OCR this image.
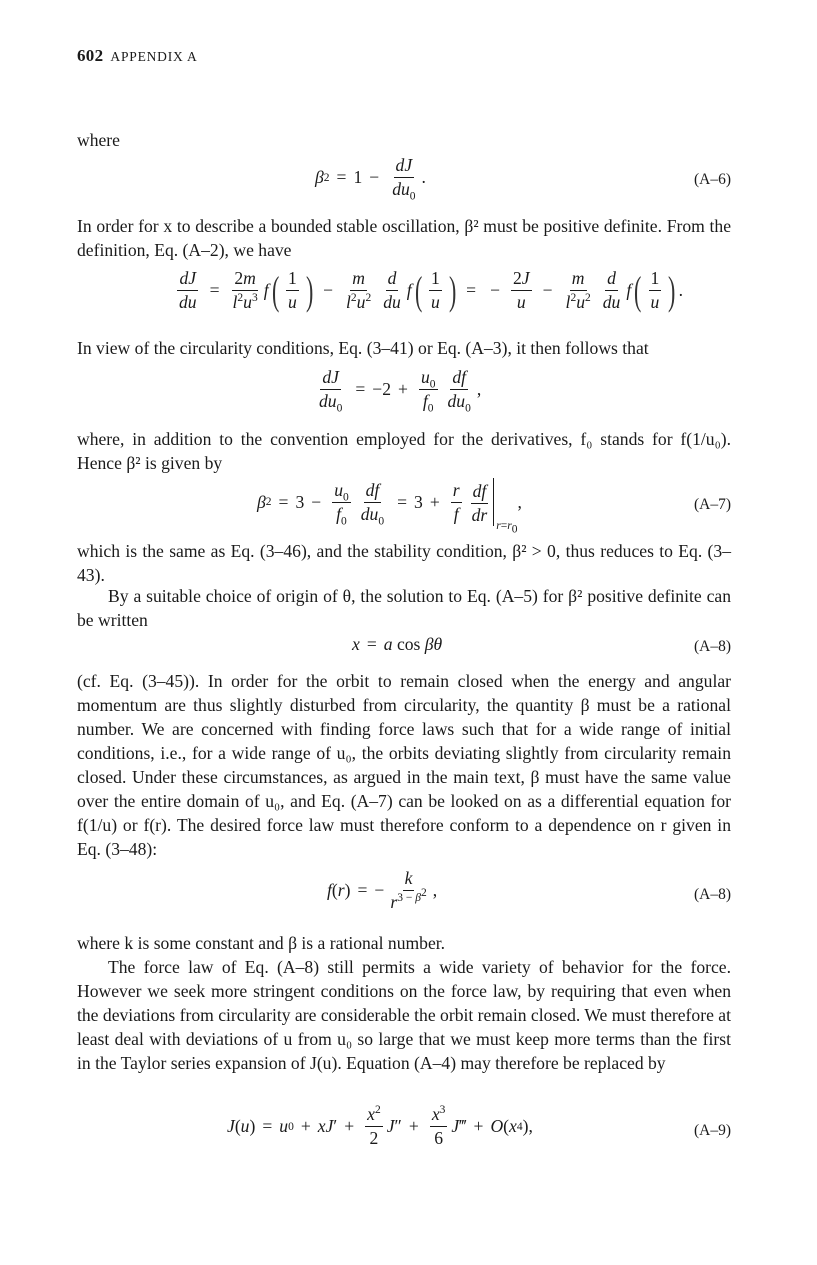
602 APPENDIX A
where
β $2 = 1 - \frac{dJ}{du_0}$ .	(A–6)
In order for x to describe a bounded stable oscillation, β² must be positive definite. From the definition, Eq. (A–2), we have
$\frac{dJ}{du} = \frac{2m}{l^2u^3}$ f ( $\frac{1}{u}$ ) − $\frac{m}{l^2u^2} \frac{d}{du}$ f ( $\frac{1}{u}$ ) = − $\frac{2J}{u} - \frac{m}{l^2u^2} \frac{d}{du}$ f ( $\frac{1}{u}$ ) .
In view of the circularity conditions, Eq. (3–41) or Eq. (A–3), it then follows that
$\frac{dJ}{du_0} = -2 + \frac{u_0}{f_0} \frac{df}{du_0}$ ,
where, in addition to the convention employed for the derivatives, f₀ stands for f(1/u₀). Hence β² is given by
β $2 = 3 - \frac{u_0}{f_0} \frac{df}{du_0} = 3 + \frac{r}{f} \frac{df}{dr} r=r_0$
,	(A–7)
which is the same as Eq. (3–46), and the stability condition, β² > 0, thus reduces to Eq. (3–43).
By a suitable choice of origin of θ, the solution to Eq. (A–5) for β² positive definite can be written
x = a cos βθ	(A–8)
(cf. Eq. (3–45)). In order for the orbit to remain closed when the energy and angular momentum are thus slightly disturbed from circularity, the quantity β must be a rational number. We are concerned with finding force laws such that for a wide range of initial conditions, i.e., for a wide range of u₀, the orbits deviating slightly from circularity remain closed. Under these circumstances, as argued in the main text, β must have the same value over the entire domain of u₀, and Eq. (A–7) can be looked on as a differential equation for f(1/u) or f(r). The desired force law must therefore conform to a dependence on r given in Eq. (3–48):
f ( r ) = − $\frac{k}{r^{3 - \beta^2}}$ ,	(A–8)
where k is some constant and β is a rational number.
The force law of Eq. (A–8) still permits a wide variety of behavior for the force. However we seek more stringent conditions on the force law, by requiring that even when the deviations from circularity are considerable the orbit remain closed. We must therefore at least deal with deviations of u from u₀ so large that we must keep more terms than the first in the Taylor series expansion of J(u). Equation (A–4) may therefore be replaced by
J ( u ) = u 0 + xJ ′ + $\frac{x^2}{2}$ J ″ + $\frac{x^3}{6}$ J ‴ + O ( x 4 ),	(A–9)
